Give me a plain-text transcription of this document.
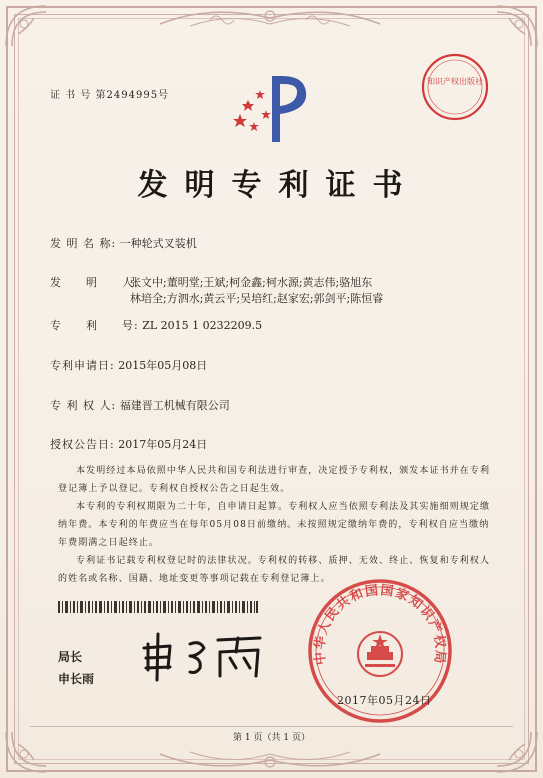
证 书 号 第2494995号
知识产权出版社
发明专利证书
发 明 名 称: 一种轮式叉装机
发　　明　　人:
张文中;董明堂;王斌;柯金鑫;柯水源;黄志伟;骆旭东
林培全;方泗水;黄云平;吴培红;赵家宏;郭剑平;陈恒睿
专　　利　　号: ZL 2015 1 0232209.5
专利申请日: 2015年05月08日
专 利 权 人: 福建晋工机械有限公司
授权公告日: 2017年05月24日

本发明经过本局依照中华人民共和国专利法进行审查，决定授予专利权，颁发本证书并在专利登记簿上予以登记。专利权自授权公告之日起生效。

本专利的专利权期限为二十年，自申请日起算。专利权人应当依照专利法及其实施细则规定缴纳年费。本专利的年费应当在每年05月08日前缴纳。未按照规定缴纳年费的，专利权自应当缴纳年费期满之日起终止。

专利证书记载专利权登记时的法律状况。专利权的转移、质押、无效、终止、恢复和专利权人的姓名或名称、国籍、地址变更等事项记载在专利登记簿上。

局长
申长雨
中华人民共和国国家知识产权局
2017年05月24日
第 1 页（共 1 页）
